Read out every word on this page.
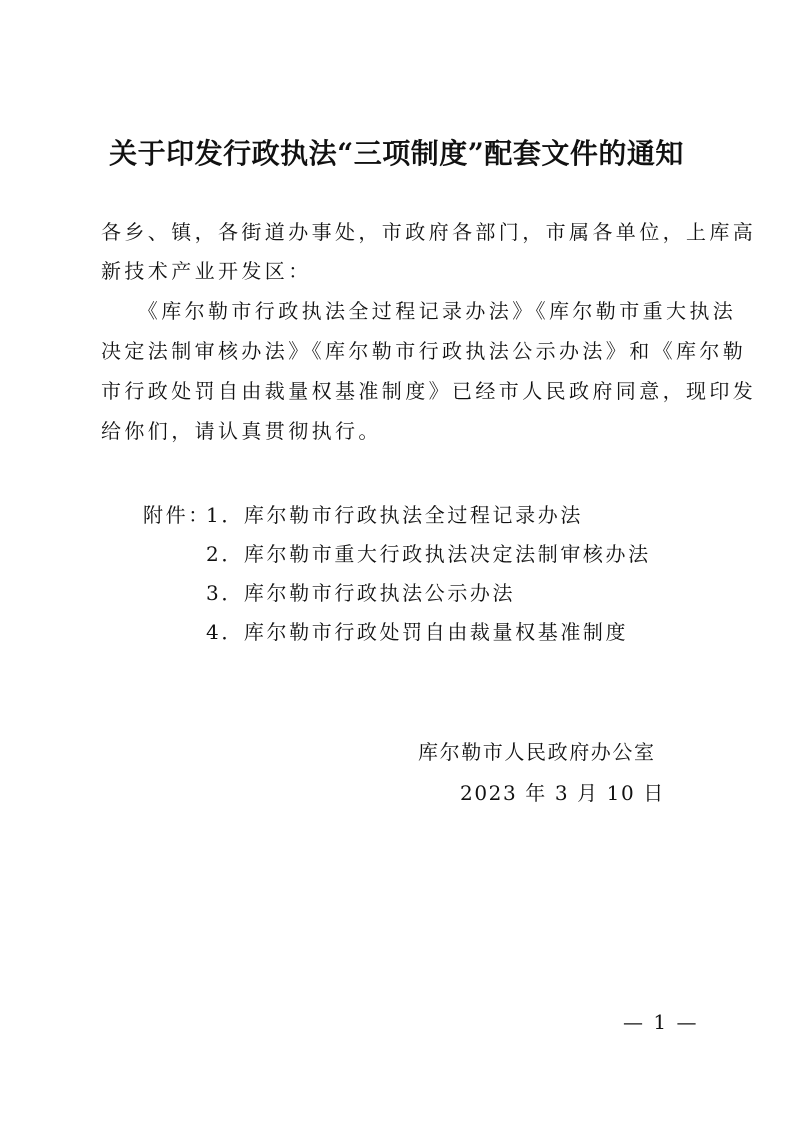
关于印发行政执法“三项制度”配套文件的通知
各乡、镇，各街道办事处，市政府各部门，市属各单位，上库高
新技术产业开发区：
　　《库尔勒市行政执法全过程记录办法》《库尔勒市重大执法
决定法制审核办法》《库尔勒市行政执法公示办法》和《库尔勒
市行政处罚自由裁量权基准制度》已经市人民政府同意，现印发
给你们，请认真贯彻执行。
附件：
1．库尔勒市行政执法全过程记录办法
2．库尔勒市重大行政执法决定法制审核办法
3．库尔勒市行政执法公示办法
4．库尔勒市行政处罚自由裁量权基准制度
库尔勒市人民政府办公室
2023 年 3 月 10 日
— 1 —
